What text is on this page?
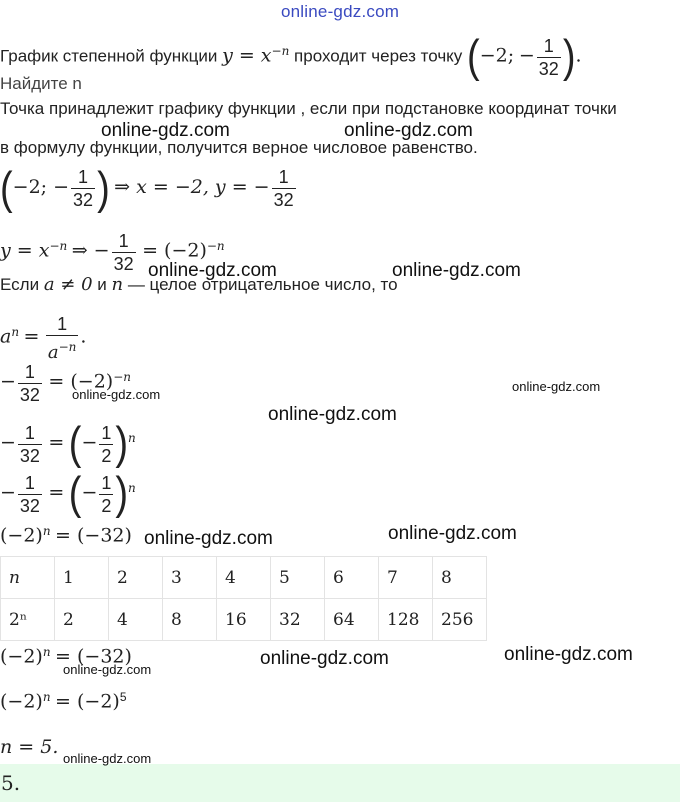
online-gdz.com
График степенной функции $y = x^{-n}$ проходит через точку (−2; − $\frac{1}{32}$ ).
Найдите n
Точка принадлежит графику функции , если при подстановке координат точки
в формулу функции, получится верное числовое равенство.
(−2; − $\frac{1}{32}$ ) ⇒ x = −2, y = − $\frac{1}{32}$
$y = x^{-n}$ ⇒ − $\frac{1}{32} = (-2)^{-n}$
Если a ≠ 0 и n — целое отрицательное число, то
$a^n = \frac{1}{a^{-n}}$ .
− $\frac{1}{32} = (-2)^{-n}$
− $\frac{1}{32}$ = (− $\frac{1}{2} )^n$
− $\frac{1}{32}$ = (− $\frac{1}{2} )^n$
$(-2)^n = (-32)$
n	1	2	3	4	5	6	7	8
2ⁿ	2	4	8	16	32	64	128	256
$(-2)^n = (-32)$
$(-2)^n = (-2)^5$
n = 5.
5.
online-gdz.com	online-gdz.com
online-gdz.com	online-gdz.com
online-gdz.com
online-gdz.com
online-gdz.com
online-gdz.com	online-gdz.com
online-gdz.com	online-gdz.com
online-gdz.com
online-gdz.com
